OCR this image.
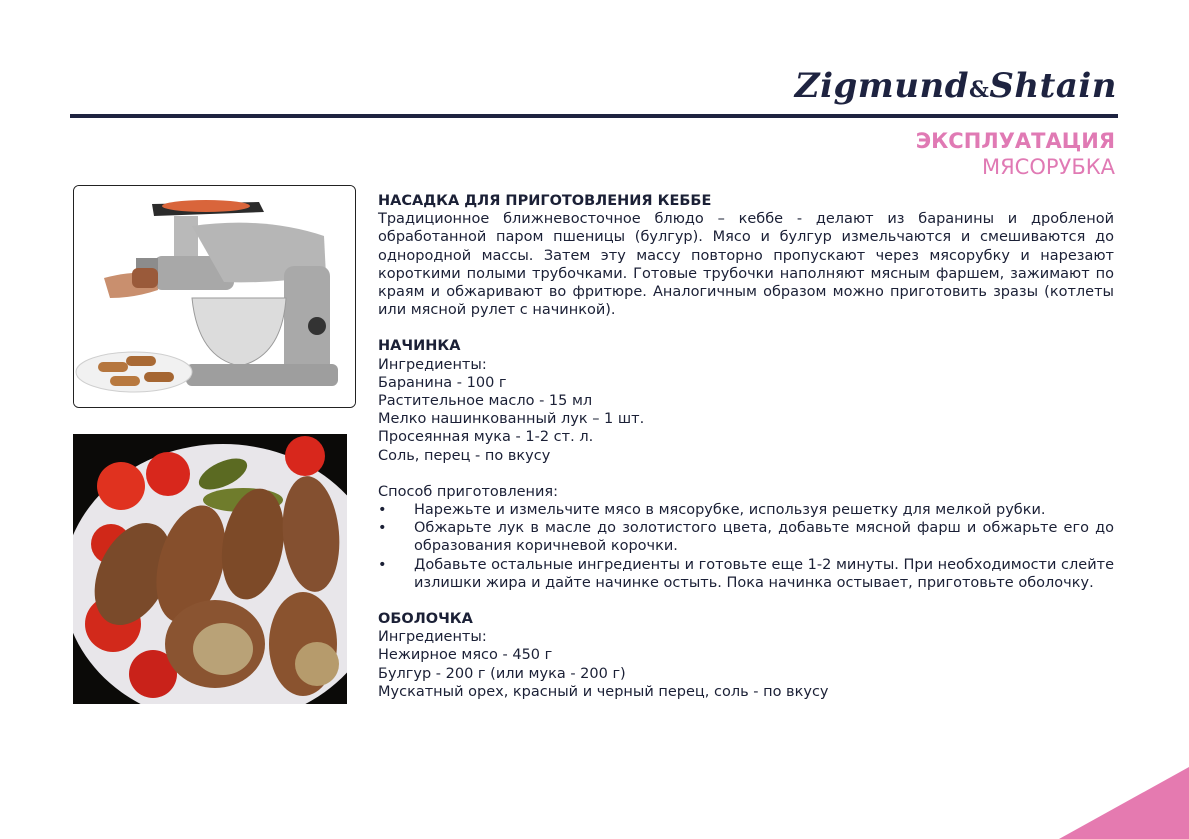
Zigmund&Shtain
ЭКСПЛУАТАЦИЯ
МЯСОРУБКА
НАСАДКА ДЛЯ ПРИГОТОВЛЕНИЯ КЕББЕ
Традиционное ближневосточное блюдо – кеббе - делают из баранины и дробленой обработанной паром пшеницы (булгур). Мясо и булгур измельчаются и смешиваются до однородной массы. Затем эту массу повторно пропускают через мясорубку и нарезают короткими полыми трубочками. Готовые трубочки наполняют мясным фаршем, зажимают по краям и обжаривают во фритюре. Аналогичным образом можно приготовить зразы (котлеты или мясной рулет с начинкой).
НАЧИНКА
Ингредиенты:
Баранина - 100 г
Растительное масло - 15 мл
Мелко нашинкованный лук – 1 шт.
Просеянная мука - 1-2 ст. л.
Соль, перец - по вкусу
Способ приготовления:
• Нарежьте и измельчите мясо в мясорубке, используя решетку для мелкой рубки.
• Обжарьте лук в масле до золотистого цвета, добавьте мясной фарш и обжарьте его до образования коричневой корочки.
• Добавьте остальные ингредиенты и готовьте еще 1-2 минуты. При необходимости слейте излишки жира и дайте начинке остыть. Пока начинка остывает, приготовьте оболочку.
ОБОЛОЧКА
Ингредиенты:
Нежирное мясо - 450 г
Булгур - 200 г (или мука - 200 г)
Мускатный орех, красный и черный перец, соль - по вкусу
